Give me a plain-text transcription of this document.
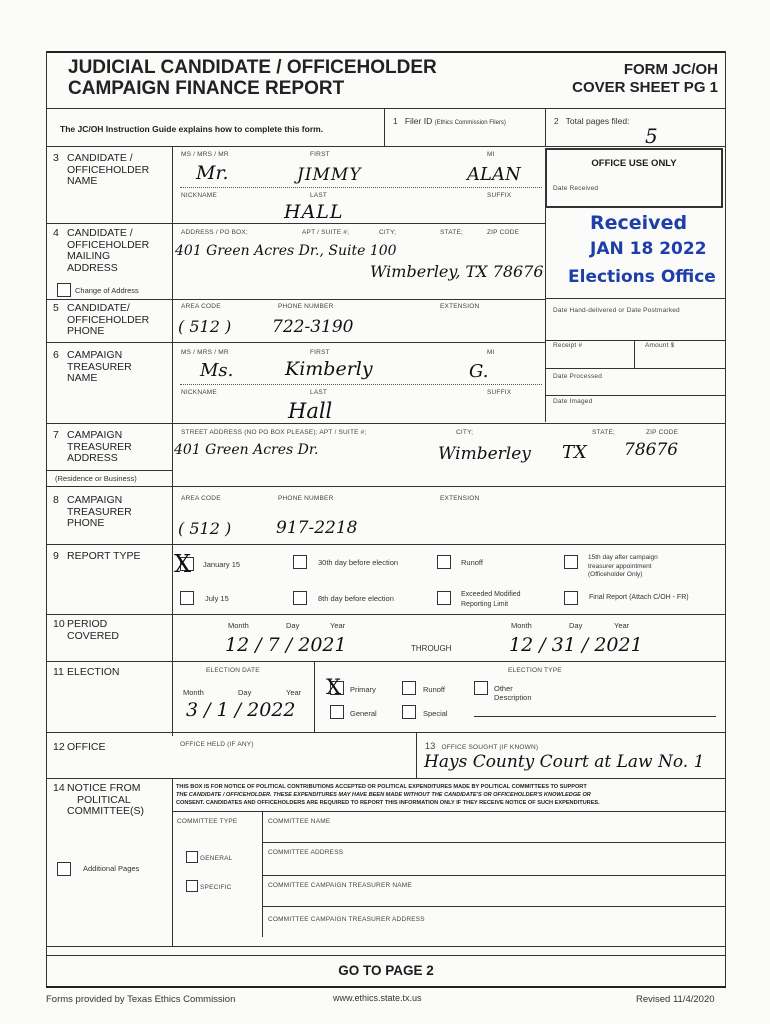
JUDICIAL CANDIDATE / OFFICEHOLDER
CAMPAIGN FINANCE REPORT
FORM JC/OH
COVER SHEET PG 1
The JC/OH Instruction Guide explains how to complete this form.
1 Filer ID (Ethics Commission Filers)	2 Total pages filed:
5
OFFICE USE ONLY
Date Received
Received
JAN 18 2022
Elections Office
Date Hand-delivered or Date Postmarked
Receipt #	Amount $
Date Processed
Date Imaged
3 CANDIDATE /
OFFICEHOLDER
NAME
MS / MRS / MR	FIRST	MI
Mr.	JIMMY	ALAN
NICKNAME	LAST	SUFFIX
HALL
4 CANDIDATE /
OFFICEHOLDER
MAILING
ADDRESS
Change of Address
ADDRESS / PO BOX;	APT / SUITE #;	CITY;	STATE;	ZIP CODE
401 Green Acres Dr., Suite 100
Wimberley, TX 78676
5 CANDIDATE/
OFFICEHOLDER
PHONE
AREA CODE	PHONE NUMBER	EXTENSION
( 512 ) 722-3190
6 CAMPAIGN
TREASURER
NAME
MS / MRS / MR	FIRST	MI
Ms.	Kimberly	G.
NICKNAME	LAST	SUFFIX
Hall
7 CAMPAIGN
TREASURER
ADDRESS
(Residence or Business)
STREET ADDRESS (NO PO BOX PLEASE); APT / SUITE #;	CITY;	STATE;	ZIP CODE
401 Green Acres Dr.	Wimberley TX 78676
8 CAMPAIGN
TREASURER
PHONE
AREA CODE	PHONE NUMBER	EXTENSION
( 512 )	917-2218
9 REPORT TYPE X January 15	30th day before election	Runoff
15th day after campaign
treasurer appointment
(Officeholder Only)
July 15	8th day before election	Exceeded Modified
Reporting Limit
Final Report (Attach C/OH - FR)
10 PERIOD
COVERED
Month	Day	Year
12 / 7 / 2021	THROUGH
Month	Day	Year
12 / 31 / 2021
11 ELECTION	ELECTION DATE
Month	Day	Year
3 / 1 / 2022
ELECTION TYPE
X Primary	Runoff	Other
Description
General	Special
12 OFFICE	OFFICE HELD (IF ANY)	13 OFFICE SOUGHT (IF KNOWN)
Hays County Court at Law No. 1
14 NOTICE FROM
POLITICAL
COMMITTEE(S)
THIS BOX IS FOR NOTICE OF POLITICAL CONTRIBUTIONS ACCEPTED OR POLITICAL EXPENDITURES MADE BY POLITICAL COMMITTEES TO SUPPORT
THE CANDIDATE / OFFICEHOLDER. THESE EXPENDITURES MAY HAVE BEEN MADE WITHOUT THE CANDIDATE'S OR OFFICEHOLDER'S KNOWLEDGE OR
CONSENT. CANDIDATES AND OFFICEHOLDERS ARE REQUIRED TO REPORT THIS INFORMATION ONLY IF THEY RECEIVE NOTICE OF SUCH EXPENDITURES.
COMMITTEE TYPE	COMMITTEE NAME
COMMITTEE ADDRESS
GENERAL
Additional Pages
SPECIFIC	COMMITTEE CAMPAIGN TREASURER NAME
COMMITTEE CAMPAIGN TREASURER ADDRESS
GO TO PAGE 2
Forms provided by Texas Ethics Commission	www.ethics.state.tx.us	Revised 11/4/2020
